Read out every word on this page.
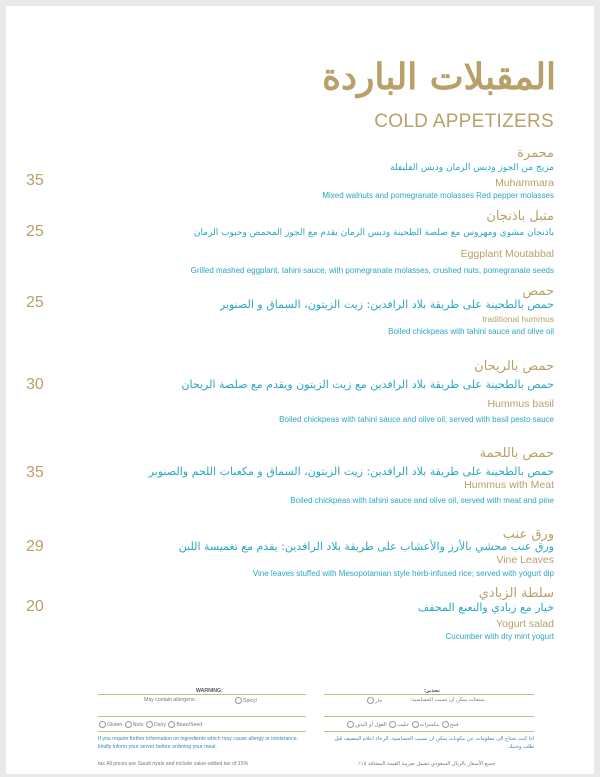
المقبلات الباردة
COLD APPETIZERS
محمرة
مزيج من الجوز ودبس الرمان ودبس الفليفلة
35	Muhammara
Mixed walnuts and pomegranate molasses Red pepper molasses
متبل باذنجان
باذنجان مشوي ومهروس مع صلصة الطحينة ودبس الرمان يقدم مع الجوز المحمص وحبوب الرمان
25
Eggplant Moutabbal
Grilled mashed eggplant, tahini sauce, with pomegranate molasses, crushed nuts, pomegranate seeds
حمص
حمص بالطحينة على طريقة بلاد الرافدين: زيت الزيتون، السماق و الصنوبر
25
traditional hummus
Boiled chickpeas with tahini sauce and olive oil
حمص بالريحان
حمص بالطحينة على طريقة بلاد الرافدين مع زيت الزيتون ويقدم مع صلصة الريحان
30
Hummus basil
Boiled chickpeas with tahini sauce and olive oil, served with basil pesto sauce
حمص باللحمة
حمص بالطحينة على طريقة بلاد الرافدين: زيت الزيتون، السماق و مكعبات اللحم والصنوبر
35
Hummus with Meat
Boiled chickpeas with tahini sauce and olive oil, served with meat and pine
ورق عنب
ورق عنب محشي بالأرز والأعشاب على طريقة بلاد الرافدين: يقدم مع تغميسة اللبن
29
Vine Leaves
Vine leaves stuffed with Mesopotamian style herb-infused rice; served with yogurt dip
سلطة الزبادي
خيار مع زبادي والنعنع المجفف
20
Yogurt salad
Cucumber with dry mint yogurt
WARNING:
May contain allergens:	Spicy!
Gluten Nuts Dairy Bean/Seed
If you require further information on ingredients which may cause allergy or intolerance, kindly inform your server before ordering your meal.
tax All prices are Saudi riyals and include value-added tax of 15%
تحذير:
منتجات يمكن ان تسبب الحساسية:
حار
قمح مكسرات حليب الفول أو البذور
اذا كنت تحتاج الى معلومات عن مكونات يمكن ان تسبب الحساسية، الرجاء اعلام المضيف قبل طلب وجبتك
جميع الأسعار بالريال السعودي تشمل ضريبة القيمة المضافة ١٥٪
